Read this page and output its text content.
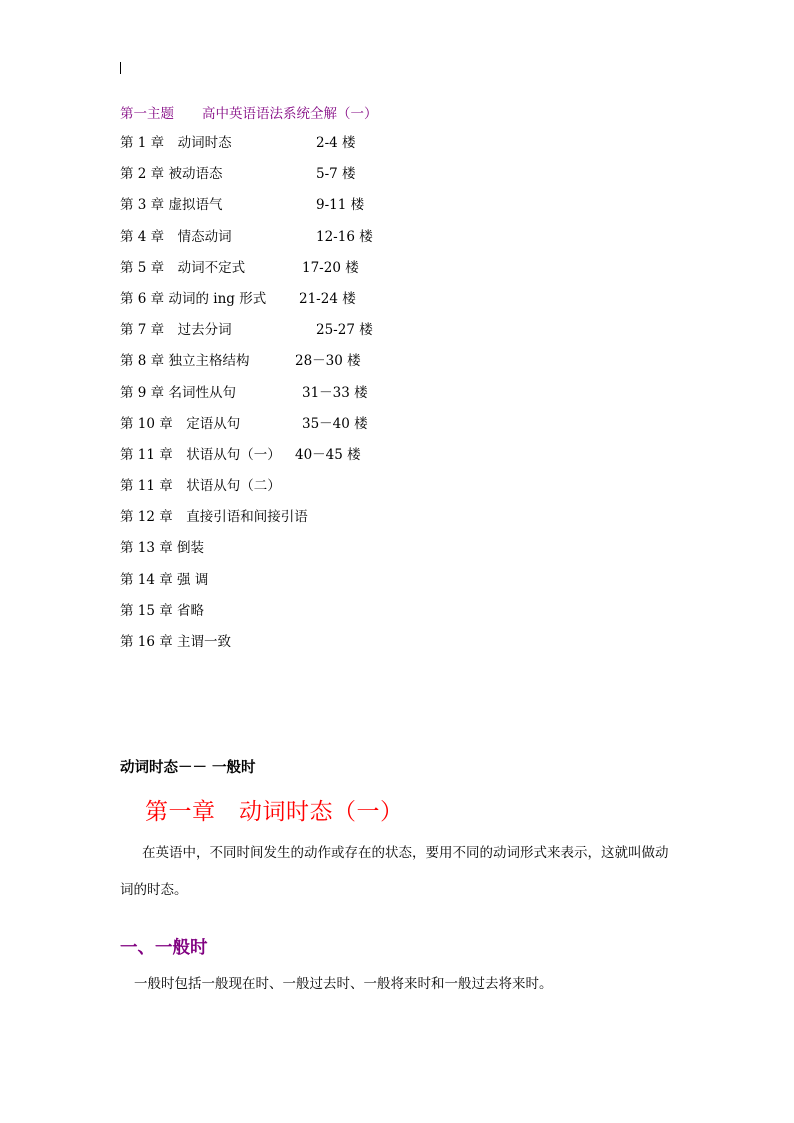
第一主题 高中英语语法系统全解（一）
第 1 章　动词时态	2-4 楼
第 2 章 被动语态	5-7 楼
第 3 章 虚拟语气	9-11 楼
第 4 章　情态动词	12-16 楼
第 5 章　动词不定式	17-20 楼
第 6 章 动词的 ing 形式 21-24 楼
第 7 章　过去分词	25-27 楼
第 8 章 独立主格结构	28－30 楼
第 9 章 名词性从句	31－33 楼
第 10 章　定语从句	35－40 楼
第 11 章　状语从句（一） 40－45 楼
第 11 章　状语从句（二）
第 12 章　直接引语和间接引语
第 13 章 倒装
第 14 章 强 调
第 15 章 省略
第 16 章 主谓一致
动词时态－－ 一般时
第一章　动词时态（一）
在英语中，不同时间发生的动作或存在的状态，要用不同的动词形式来表示，这就叫做动词的时态。
一、一般时
一般时包括一般现在时、一般过去时、一般将来时和一般过去将来时。
